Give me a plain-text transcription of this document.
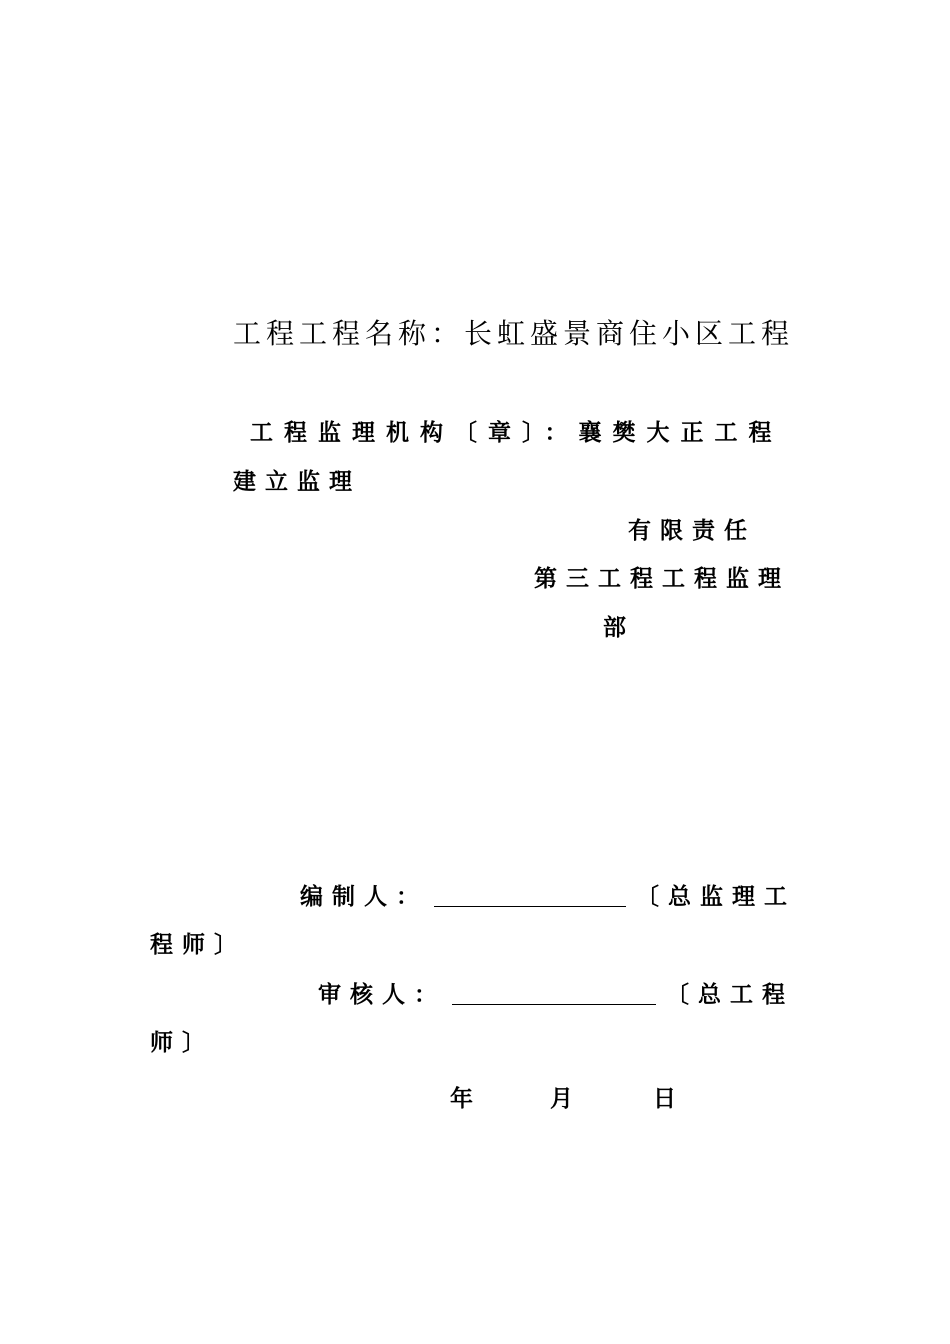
工程工程名称：长虹盛景商住小区工程
工程监理机构〔章〕：襄樊大正工程
建立监理
有限责任
第三工程工程监理
部
编制人：	〔总监理工
程师〕
审核人：	〔总工程
师〕
年	月	日
